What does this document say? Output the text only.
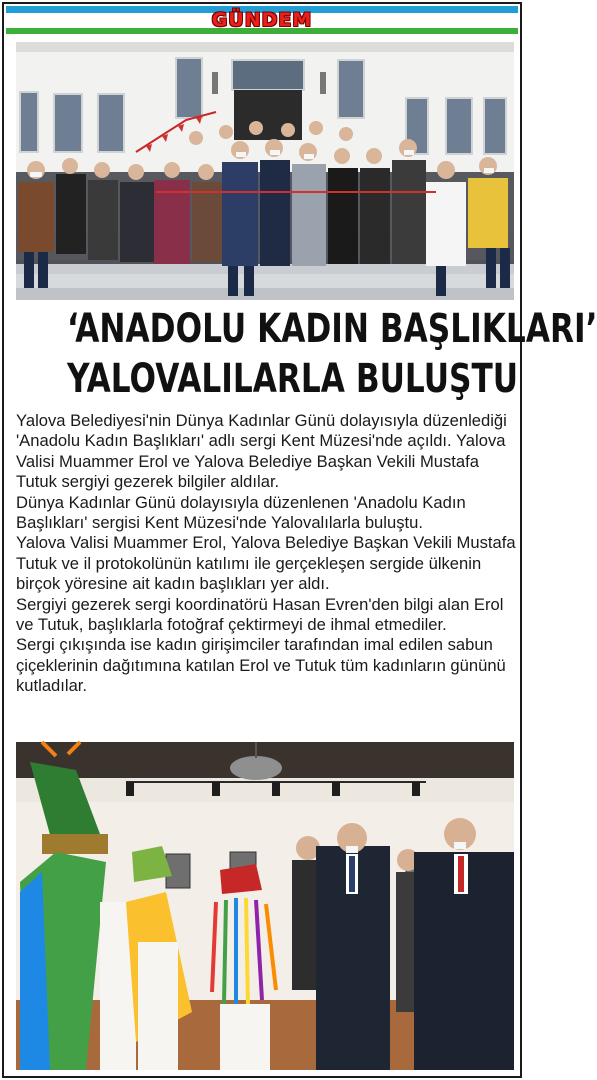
GÜNDEM
‘ANADOLU KADIN BAŞLIKLARI’
YALOVALILARLA BULUŞTU

Yalova Belediyesi'nin Dünya Kadınlar Günü dolayısıyla düzenlediği 'Anadolu Kadın Başlıkları' adlı sergi Kent Müzesi'nde açıldı. Yalova Valisi Muammer Erol ve Yalova Belediye Başkan Vekili Mustafa Tutuk sergiyi gezerek bilgiler aldılar.

Dünya Kadınlar Günü dolayısıyla düzenlenen 'Anadolu Kadın Başlıkları' sergisi Kent Müzesi'nde Yalovalılarla buluştu.

Yalova Valisi Muammer Erol, Yalova Belediye Başkan Vekili Mustafa Tutuk ve il protokolünün katılımı ile gerçekleşen sergide ülkenin birçok yöresine ait kadın başlıkları yer aldı.

Sergiyi gezerek sergi koordinatörü Hasan Evren'den bilgi alan Erol ve Tutuk, başlıklarla fotoğraf çektirmeyi de ihmal etmediler.

Sergi çıkışında ise kadın girişimciler tarafından imal edilen sabun çiçeklerinin dağıtımına katılan Erol ve Tutuk tüm kadınların gününü kutladılar.
